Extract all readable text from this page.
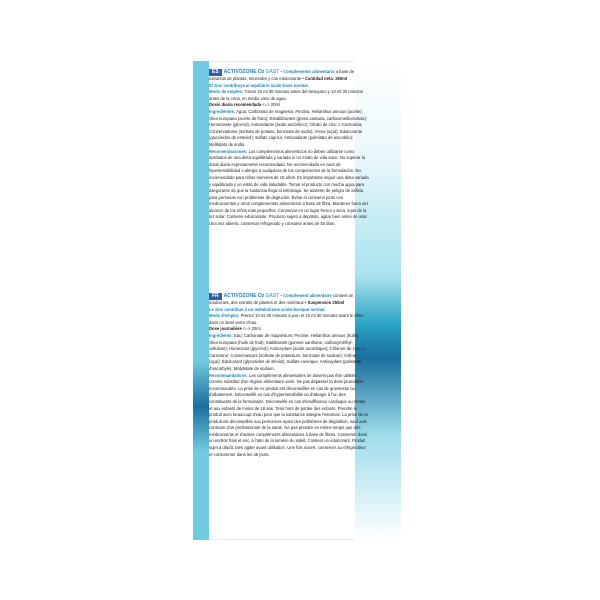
ES ACTIVOZONE Oz GAST • Complemento alimentario a base de extractos de plantas, minerales y con edulcorante • Cantidad neta: 250ml

El zinc contribuye al equilibrio ácido-base normal.

Modo de empleo: Tomar 10 ml 30 minutos antes del desayuno y 10 ml 30 minutos antes de la cena, en medio vaso de agua.

Dosis diaria recomendada <=> 20ml

Ingredientes: Agua; Carbonato de magnesio; Pectina; Helianthus annuus (aceite); Olea europaea (aceite de fruto); Estabilizantes (goma xantana, carboximetilcelulosa); Humectante (glicerol); Antioxidante (ácido ascórbico); Citrato de zinc; L-Carnosina; Conservadores (sorbato de potasio, benzoato de sodio); Arena (açaí); Edulcorante (glucósidos de esteviol); sulfato cúprico; Antioxidante (palmitato de ascorbilo); Molibdato de sodio.

Recomendaciones: Los complementos alimenticios no deben utilizarse como sustitutos de una dieta equilibrada y variada ni un modo de vida sano. No superar la dosis diaria expresamente recomendada. No recomendado en caso de hipersensibilidad o alergia a cualquiera de los componentes de la formulación. No recomendado para niños menores de 15 años. Es importante seguir una dieta variada y equilibrada y un estilo de vida saludable. Tomar el producto con mucha agua para asegurarse de que la sustancia llega al estómago. Se advierte de peligro de asfixia para personas con problemas de deglución. Evitar el consumo junto con medicamentos y otros complementos alimenticios a base de fibra. Mantener fuera del alcance de los niños más pequeños. Conservar en un lugar fresco y seco, lejos de la luz solar. Contiene edulcorante. Producto sujeto a depósito, agitar bien antes de usar. Una vez abierto, conservar refrigerado y consumir antes de 45 días.

FR ACTIVOZONE Oz GAST • Complement alimentaire contient un édulcorant, des extraits de plantes et des minéraux • Suspension 250ml

Le zinc contribue à un métabolisme acido-basique normal.

Mode d'emploi: Prenez 10 ml 30 minutes à jeun et 10 ml 30 minutes avant le dîner dans un demi-verre d'eau.

Dose journalière <=> 20ml

Ingrédients: Eau; Carbonate de magnésium; Pectine; Helianthus annuus (huile); Olea europaea (huile de fruit); Stabilisants (gomme xanthane, carboxyméthyl-cellulose); Humectant (glycérol); Antioxydant (acide ascorbique); Chlorure de zinc; L-Carnosine; Conservateurs (sorbate de potassium, benzoate de sodium); Arôme (açaí); Édulcorant (glycosides de stéviol); Sulfate cuivrique; Antioxydant (palmitate d'ascorbyle); Molybdate de sodium.

Recommandations: Les compléments alimentaires ne doivent pas être utilisés comme substitut d'un régime alimentaire varié. Ne pas dépasser la dose journalière recommandée. La prise de ce produit est déconseillée en cas de grossesse ou d'allaitement. Déconseillé en cas d'hypersensibilité ou d'allergie à l'un des constituants de la formulation. Déconseillé en cas d'insuffisance cardiaque ou rénale et aux enfants de moins de 18 ans. Tenir hors de portée des enfants. Prendre le produit avec beaucoup d'eau pour que la substance atteigne l'estomac. La prise de ce produit est déconseillée aux personnes ayant des problèmes de déglutition, sauf avis contraire d'un professionnel de la santé. Ne pas prendre en même temps que des médicaments et d'autres compléments alimentaires à base de fibres. Conserver dans un endroit frais et sec, à l'abri de la lumière du soleil. Contient un édulcorant. Produit sujet à dépôt, bien agiter avant utilisation. Une fois ouvert, conserver au réfrigérateur et consommer dans les 45 jours.
